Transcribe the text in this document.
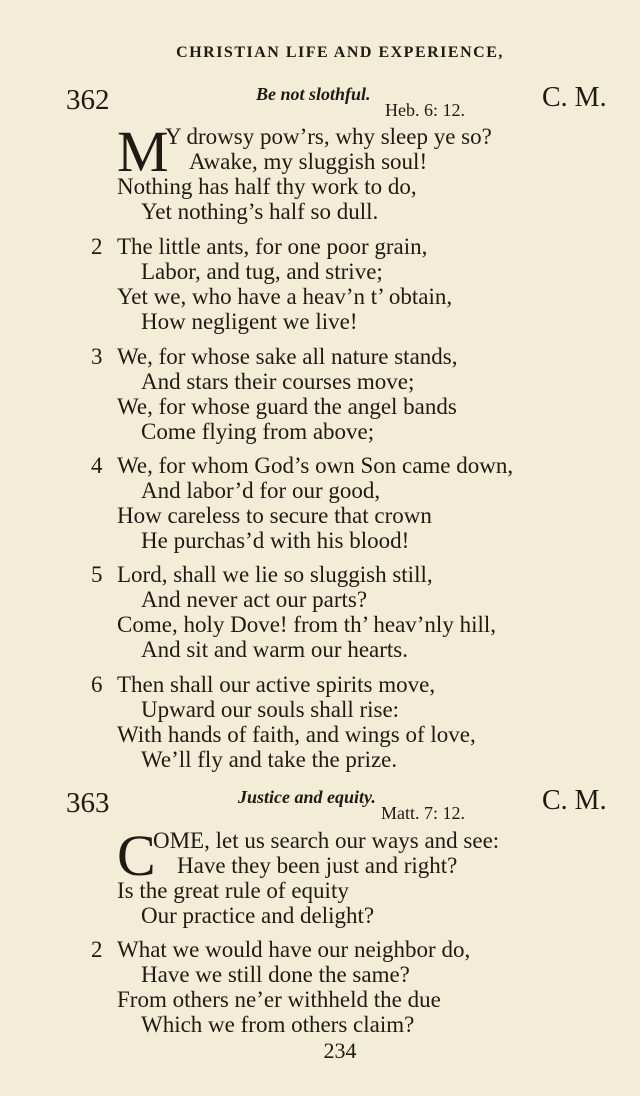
CHRISTIAN LIFE AND EXPERIENCE,
362	Be not slothful.
Heb. 6: 12.	C. M.
M
Y drowsy pow’rs, why sleep ye so?
Awake, my sluggish soul!
Nothing has half thy work to do,
Yet nothing’s half so dull.
2 The little ants, for one poor grain,
Labor, and tug, and strive;
Yet we, who have a heav’n t’ obtain,
How negligent we live!
3 We, for whose sake all nature stands,
And stars their courses move;
We, for whose guard the angel bands
Come flying from above;
4 We, for whom God’s own Son came down,
And labor’d for our good,
How careless to secure that crown
He purchas’d with his blood!
5 Lord, shall we lie so sluggish still,
And never act our parts?
Come, holy Dove! from th’ heav’nly hill,
And sit and warm our hearts.
6 Then shall our active spirits move,
Upward our souls shall rise:
With hands of faith, and wings of love,
We’ll fly and take the prize.
363	Justice and equity.
Matt. 7: 12.	C. M.
C
OME, let us search our ways and see:
Have they been just and right?
Is the great rule of equity
Our practice and delight?
2 What we would have our neighbor do,
Have we still done the same?
From others ne’er withheld the due
Which we from others claim?
234
